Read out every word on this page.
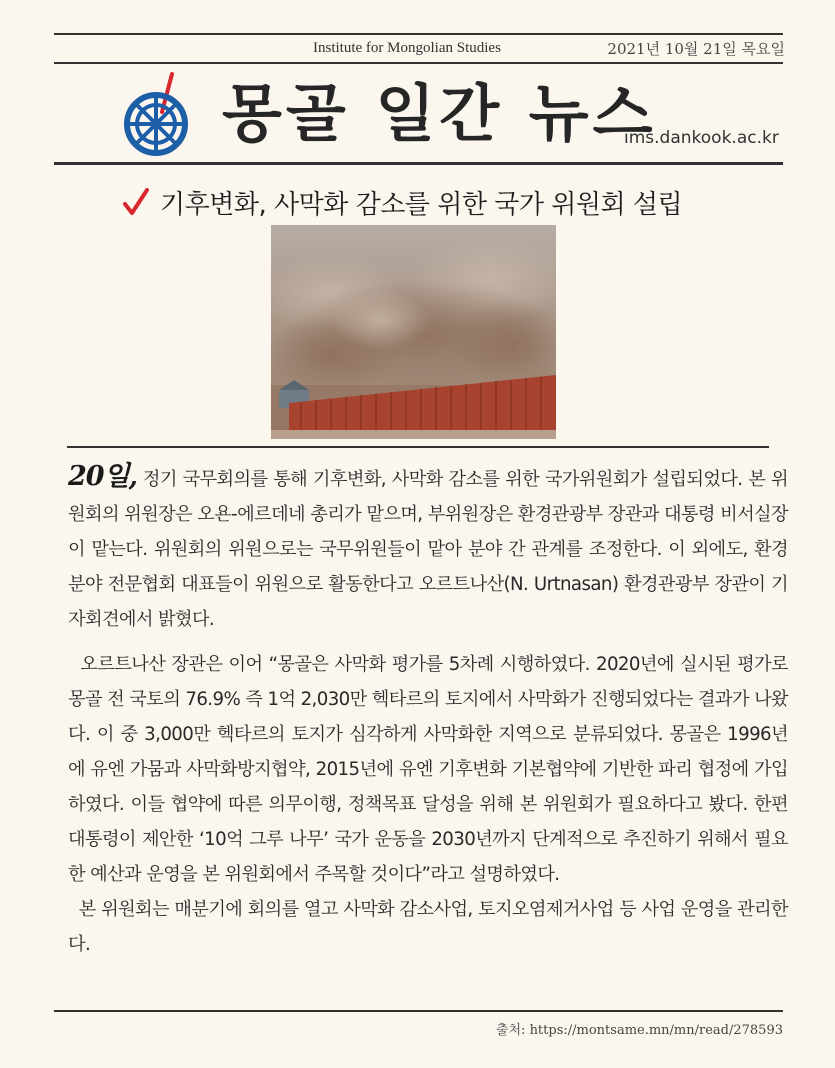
Institute for Mongolian Studies	2021년 10월 21일 목요일
몽골 일간 뉴스
ims.dankook.ac.kr
기후변화, 사막화 감소를 위한 국가 위원회 설립

20일, 정기 국무회의를 통해 기후변화, 사막화 감소를 위한 국가위원회가 설립되었다. 본 위원회의 위원장은 오욘-에르데네 총리가 맡으며, 부위원장은 환경관광부 장관과 대통령 비서실장이 맡는다. 위원회의 위원으로는 국무위원들이 맡아 분야 간 관계를 조정한다. 이 외에도, 환경분야 전문협회 대표들이 위원으로 활동한다고 오르트나산(N. Urtnasan) 환경관광부 장관이 기자회견에서 밝혔다.

오르트나산 장관은 이어 “몽골은 사막화 평가를 5차례 시행하였다. 2020년에 실시된 평가로 몽골 전 국토의 76.9% 즉 1억 2,030만 헥타르의 토지에서 사막화가 진행되었다는 결과가 나왔다. 이 중 3,000만 헥타르의 토지가 심각하게 사막화한 지역으로 분류되었다. 몽골은 1996년에 유엔 가뭄과 사막화방지협약, 2015년에 유엔 기후변화 기본협약에 기반한 파리 협정에 가입하였다. 이들 협약에 따른 의무이행, 정책목표 달성을 위해 본 위원회가 필요하다고 봤다. 한편 대통령이 제안한 ‘10억 그루 나무’ 국가 운동을 2030년까지 단계적으로 추진하기 위해서 필요한 예산과 운영을 본 위원회에서 주목할 것이다”라고 설명하였다.

본 위원회는 매분기에 회의를 열고 사막화 감소사업, 토지오염제거사업 등 사업 운영을 관리한다.

출처: https://montsame.mn/mn/read/278593
